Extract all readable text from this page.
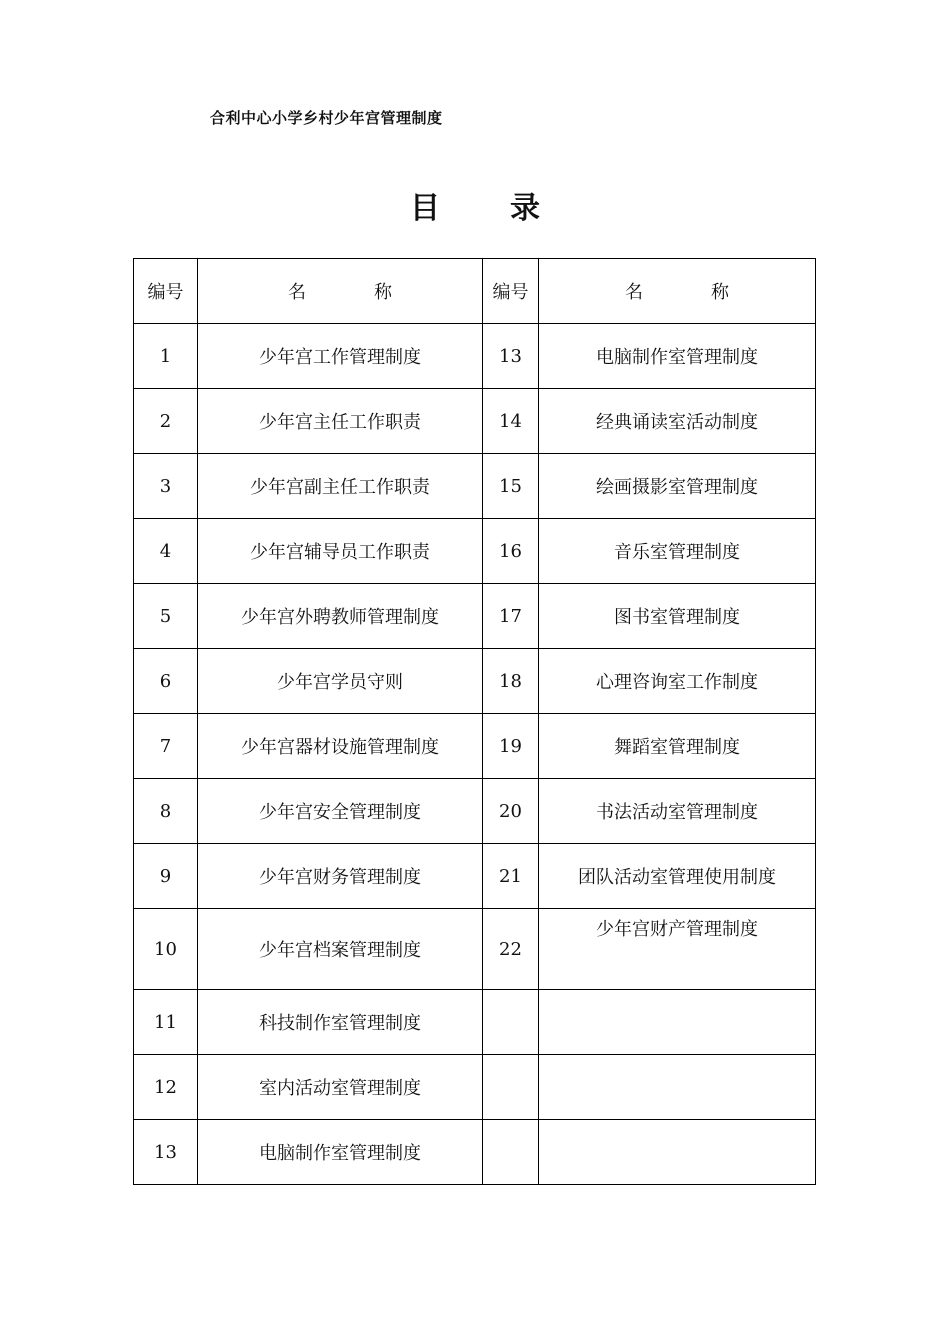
合利中心小学乡村少年宫管理制度
目 录
编号	名 称	编号	名 称
1	少年宫工作管理制度	13	电脑制作室管理制度
2	少年宫主任工作职责	14	经典诵读室活动制度
3	少年宫副主任工作职责	15	绘画摄影室管理制度
4	少年宫辅导员工作职责	16	音乐室管理制度
5	少年宫外聘教师管理制度	17	图书室管理制度
6	少年宫学员守则	18	心理咨询室工作制度
7	少年宫器材设施管理制度	19	舞蹈室管理制度
8	少年宫安全管理制度	20	书法活动室管理制度
9	少年宫财务管理制度	21	团队活动室管理使用制度
10	少年宫档案管理制度	22	少年宫财产管理制度
11	科技制作室管理制度		
12	室内活动室管理制度		
13	电脑制作室管理制度		
